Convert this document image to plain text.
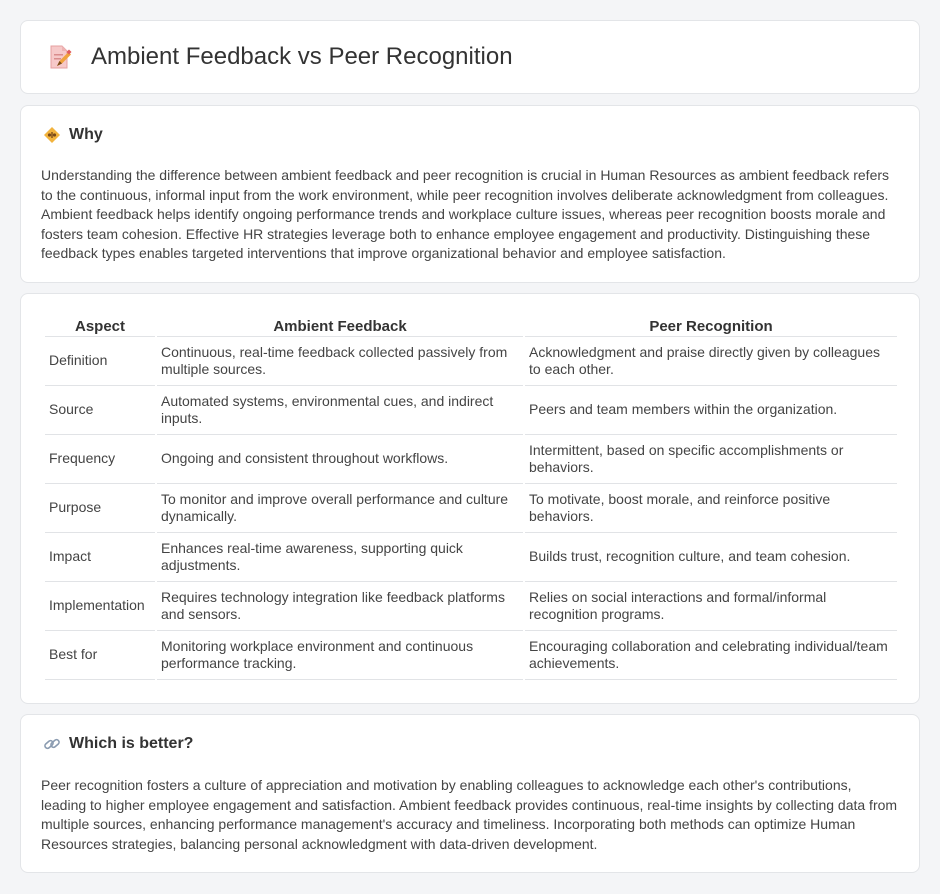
Ambient Feedback vs Peer Recognition
Why

Understanding the difference between ambient feedback and peer recognition is crucial in Human Resources as ambient feedback refers to the continuous, informal input from the work environment, while peer recognition involves deliberate acknowledgment from colleagues. Ambient feedback helps identify ongoing performance trends and workplace culture issues, whereas peer recognition boosts morale and fosters team cohesion. Effective HR strategies leverage both to enhance employee engagement and productivity. Distinguishing these feedback types enables targeted interventions that improve organizational behavior and employee satisfaction.

Aspect	Ambient Feedback	Peer Recognition
Definition	Continuous, real-time feedback collected passively from multiple sources.	Acknowledgment and praise directly given by colleagues to each other.
Source	Automated systems, environmental cues, and indirect inputs.	Peers and team members within the organization.
Frequency	Ongoing and consistent throughout workflows.	Intermittent, based on specific accomplishments or behaviors.
Purpose	To monitor and improve overall performance and culture dynamically.	To motivate, boost morale, and reinforce positive behaviors.
Impact	Enhances real-time awareness, supporting quick adjustments.	Builds trust, recognition culture, and team cohesion.
Implementation	Requires technology integration like feedback platforms and sensors.	Relies on social interactions and formal/informal recognition programs.
Best for	Monitoring workplace environment and continuous performance tracking.	Encouraging collaboration and celebrating individual/team achievements.
Which is better?

Peer recognition fosters a culture of appreciation and motivation by enabling colleagues to acknowledge each other's contributions, leading to higher employee engagement and satisfaction. Ambient feedback provides continuous, real-time insights by collecting data from multiple sources, enhancing performance management's accuracy and timeliness. Incorporating both methods can optimize Human Resources strategies, balancing personal acknowledgment with data-driven development.
